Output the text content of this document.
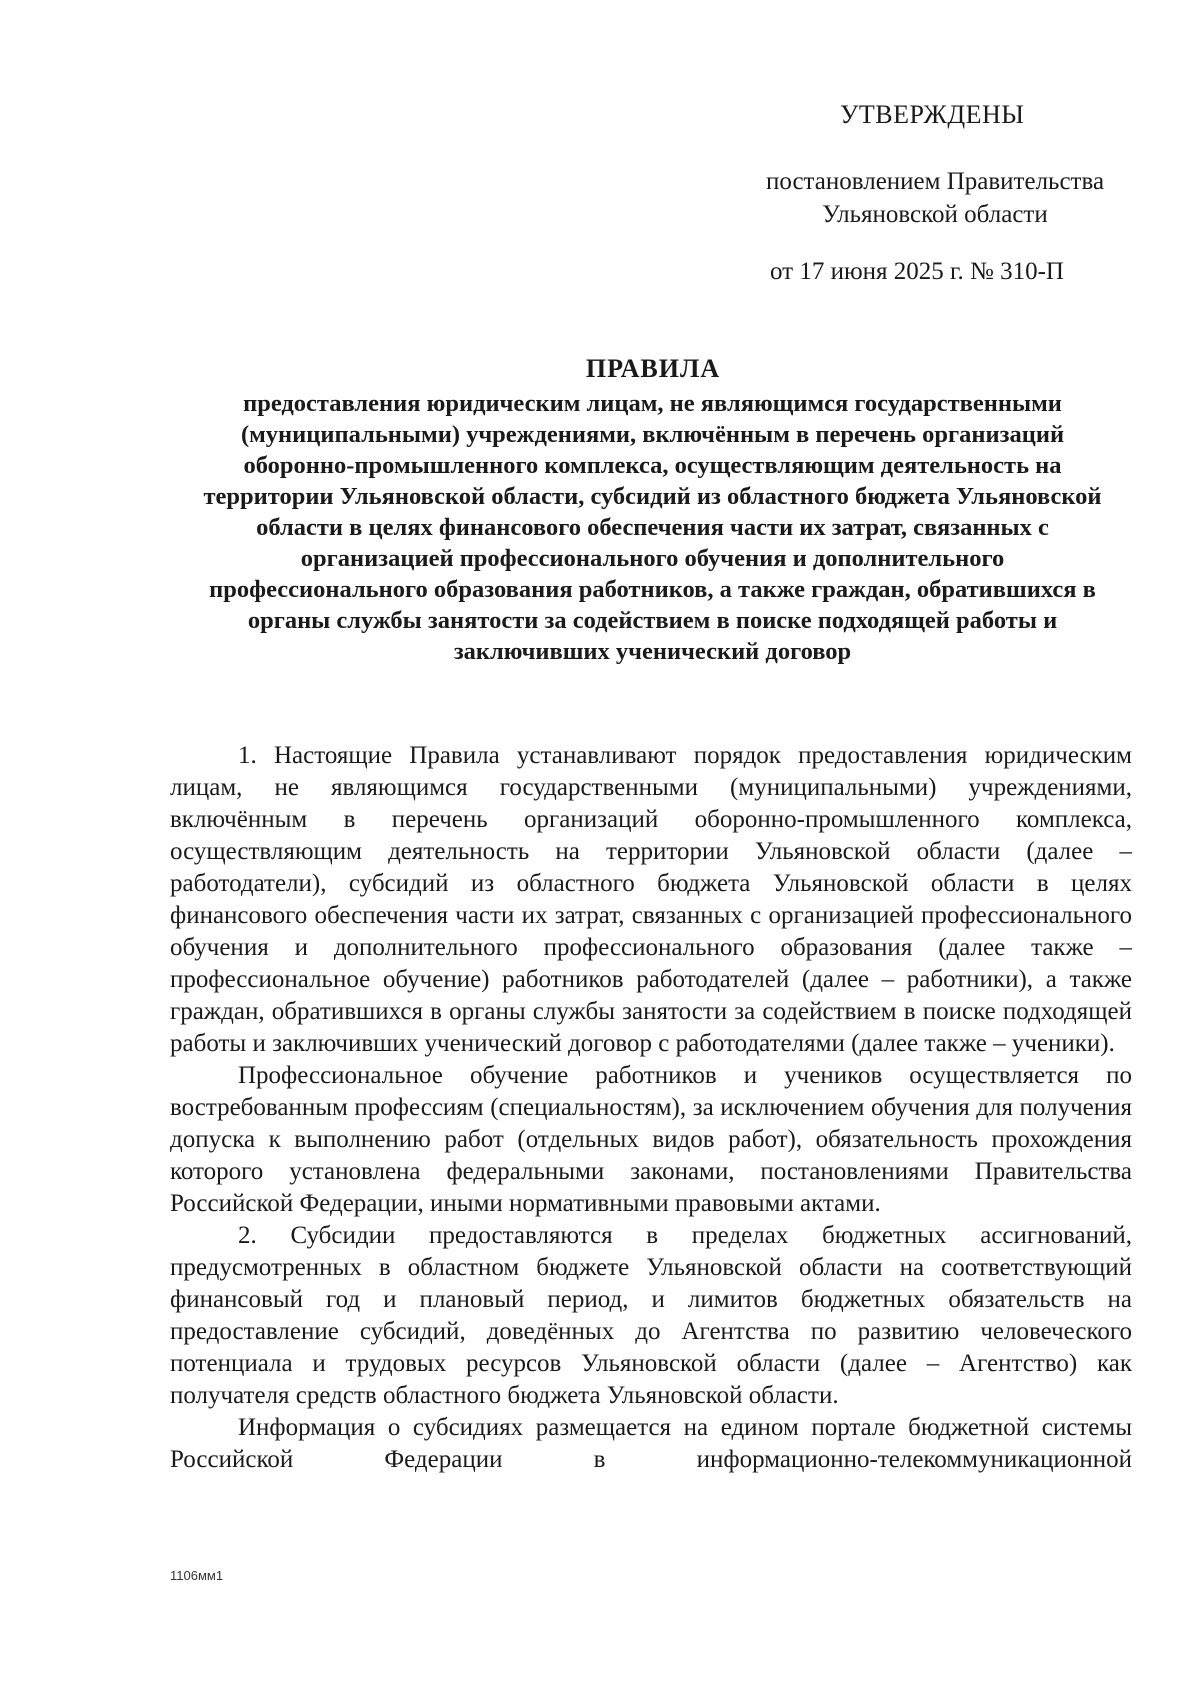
УТВЕРЖДЕНЫ
постановлением Правительства
Ульяновской области
от 17 июня 2025 г. № 310-П
ПРАВИЛА
предоставления юридическим лицам, не являющимся государственными (муниципальными) учреждениями, включённым в перечень организаций оборонно-промышленного комплекса, осуществляющим деятельность на территории Ульяновской области, субсидий из областного бюджета Ульяновской области в целях финансового обеспечения части их затрат, связанных с организацией профессионального обучения и дополнительного профессионального образования работников, а также граждан, обратившихся в органы службы занятости за содействием в поиске подходящей работы и заключивших ученический договор

1. Настоящие Правила устанавливают порядок предоставления юридическим лицам, не являющимся государственными (муниципальными) учреждениями, включённым в перечень организаций оборонно-промышленного комплекса, осуществляющим деятельность на территории Ульяновской области (далее – работодатели), субсидий из областного бюджета Ульяновской области в целях финансового обеспечения части их затрат, связанных с организацией профессионального обучения и дополнительного профессионального образования (далее также – профессиональное обучение) работников работодателей (далее – работники), а также граждан, обратившихся в органы службы занятости за содействием в поиске подходящей работы и заключивших ученический договор с работодателями (далее также – ученики).

Профессиональное обучение работников и учеников осуществляется по востребованным профессиям (специальностям), за исключением обучения для получения допуска к выполнению работ (отдельных видов работ), обязательность прохождения которого установлена федеральными законами, постановлениями Правительства Российской Федерации, иными нормативными правовыми актами.

2. Субсидии предоставляются в пределах бюджетных ассигнований, предусмотренных в областном бюджете Ульяновской области на соответствующий финансовый год и плановый период, и лимитов бюджетных обязательств на предоставление субсидий, доведённых до Агентства по развитию человеческого потенциала и трудовых ресурсов Ульяновской области (далее – Агентство) как получателя средств областного бюджета Ульяновской области.

Информация о субсидиях размещается на едином портале бюджетной системы Российской Федерации в информационно-телекоммуникационной

1106мм1
